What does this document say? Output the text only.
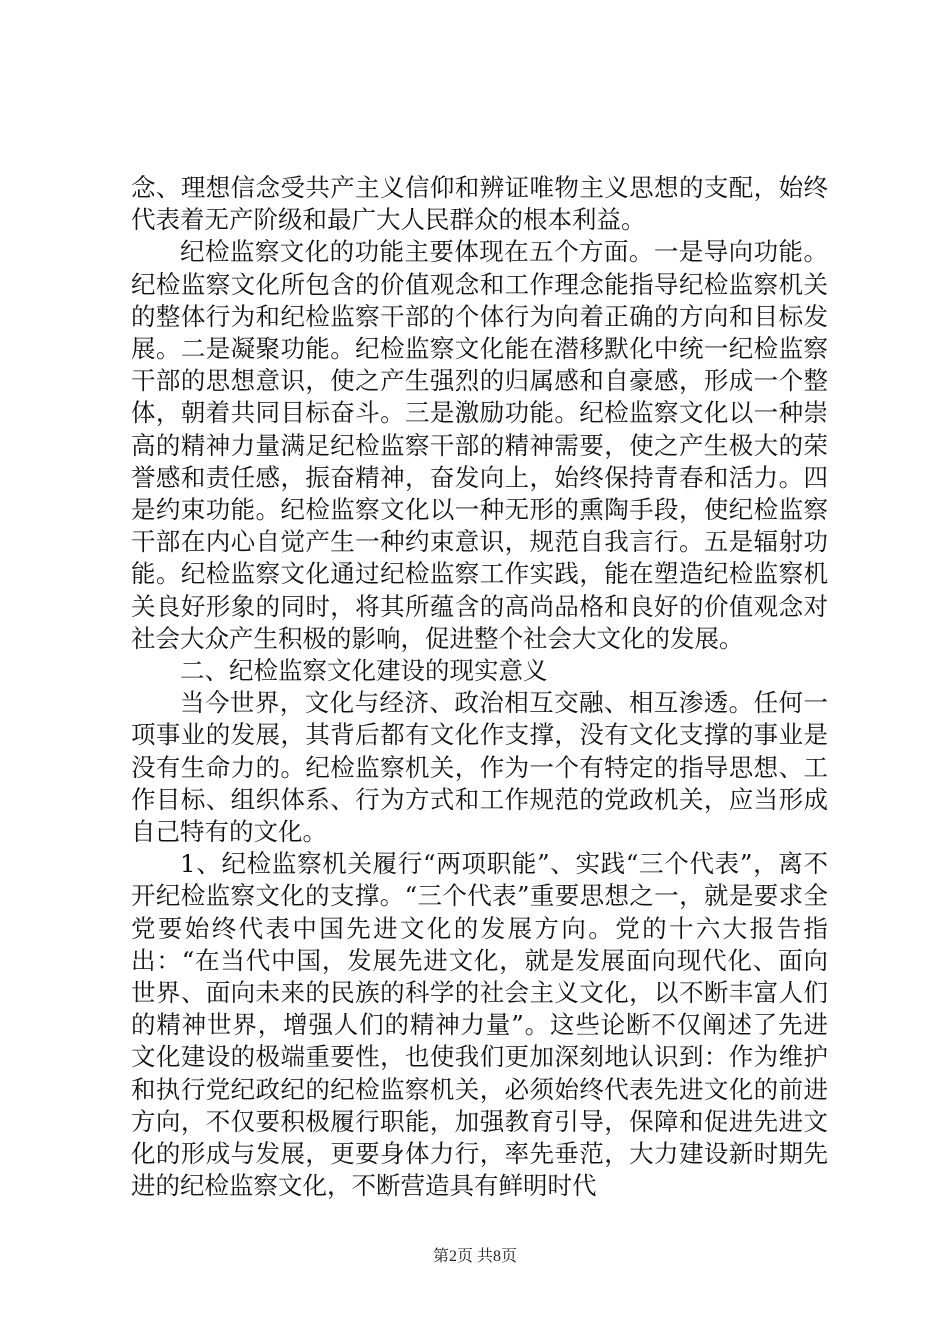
念、理想信念受共产主义信仰和辨证唯物主义思想的支配，始终代表着无产阶级和最广大人民群众的根本利益。

纪检监察文化的功能主要体现在五个方面。一是导向功能。纪检监察文化所包含的价值观念和工作理念能指导纪检监察机关的整体行为和纪检监察干部的个体行为向着正确的方向和目标发展。二是凝聚功能。纪检监察文化能在潜移默化中统一纪检监察干部的思想意识，使之产生强烈的归属感和自豪感，形成一个整体，朝着共同目标奋斗。三是激励功能。纪检监察文化以一种崇高的精神力量满足纪检监察干部的精神需要，使之产生极大的荣誉感和责任感，振奋精神，奋发向上，始终保持青春和活力。四是约束功能。纪检监察文化以一种无形的熏陶手段，使纪检监察干部在内心自觉产生一种约束意识，规范自我言行。五是辐射功能。纪检监察文化通过纪检监察工作实践，能在塑造纪检监察机关良好形象的同时，将其所蕴含的高尚品格和良好的价值观念对社会大众产生积极的影响，促进整个社会大文化的发展。

二、纪检监察文化建设的现实意义

当今世界，文化与经济、政治相互交融、相互渗透。任何一项事业的发展，其背后都有文化作支撑，没有文化支撑的事业是没有生命力的。纪检监察机关，作为一个有特定的指导思想、工作目标、组织体系、行为方式和工作规范的党政机关，应当形成自己特有的文化。

1、纪检监察机关履行“两项职能”、实践“三个代表”，离不开纪检监察文化的支撑。“三个代表”重要思想之一，就是要求全党要始终代表中国先进文化的发展方向。党的十六大报告指出：“在当代中国，发展先进文化，就是发展面向现代化、面向世界、面向未来的民族的科学的社会主义文化，以不断丰富人们的精神世界，增强人们的精神力量”。这些论断不仅阐述了先进文化建设的极端重要性，也使我们更加深刻地认识到：作为维护和执行党纪政纪的纪检监察机关，必须始终代表先进文化的前进方向，不仅要积极履行职能，加强教育引导，保障和促进先进文化的形成与发展，更要身体力行，率先垂范，大力建设新时期先进的纪检监察文化，不断营造具有鲜明时代

第2页 共8页
